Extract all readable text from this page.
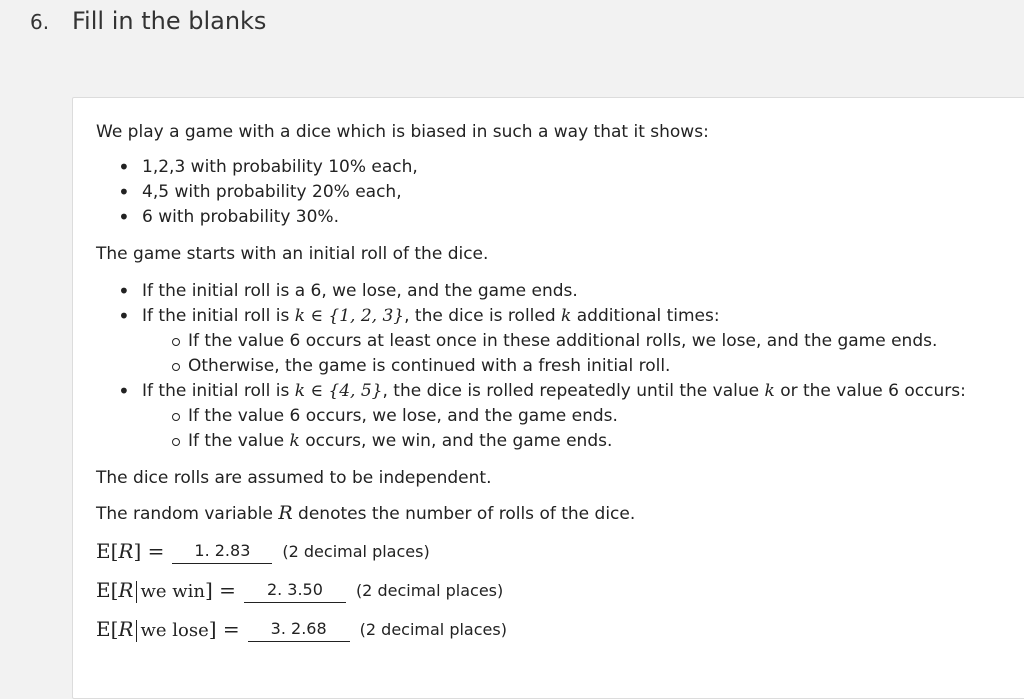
6. Fill in the blanks

We play a game with a dice which is biased in such a way that it shows:

• 1,2,3 with probability 10% each,
• 4,5 with probability 20% each,
• 6 with probability 30%.

The game starts with an initial roll of the dice.

• If the initial roll is a 6, we lose, and the game ends.
• If the initial roll is k ∈ {1, 2, 3}, the dice is rolled k additional times:
If the value 6 occurs at least once in these additional rolls, we lose, and the game ends.
Otherwise, the game is continued with a fresh initial roll.
• If the initial roll is k ∈ {4, 5}, the dice is rolled repeatedly until the value k or the value 6 occurs:
If the value 6 occurs, we lose, and the game ends.
If the value k occurs, we win, and the game ends.

The dice rolls are assumed to be independent.

The random variable R denotes the number of rolls of the dice.

E[R] =	1. 2.83	(2 decimal places)
E[R we win] =	2. 3.50	(2 decimal places)
E[R we lose] =	3. 2.68	(2 decimal places)
